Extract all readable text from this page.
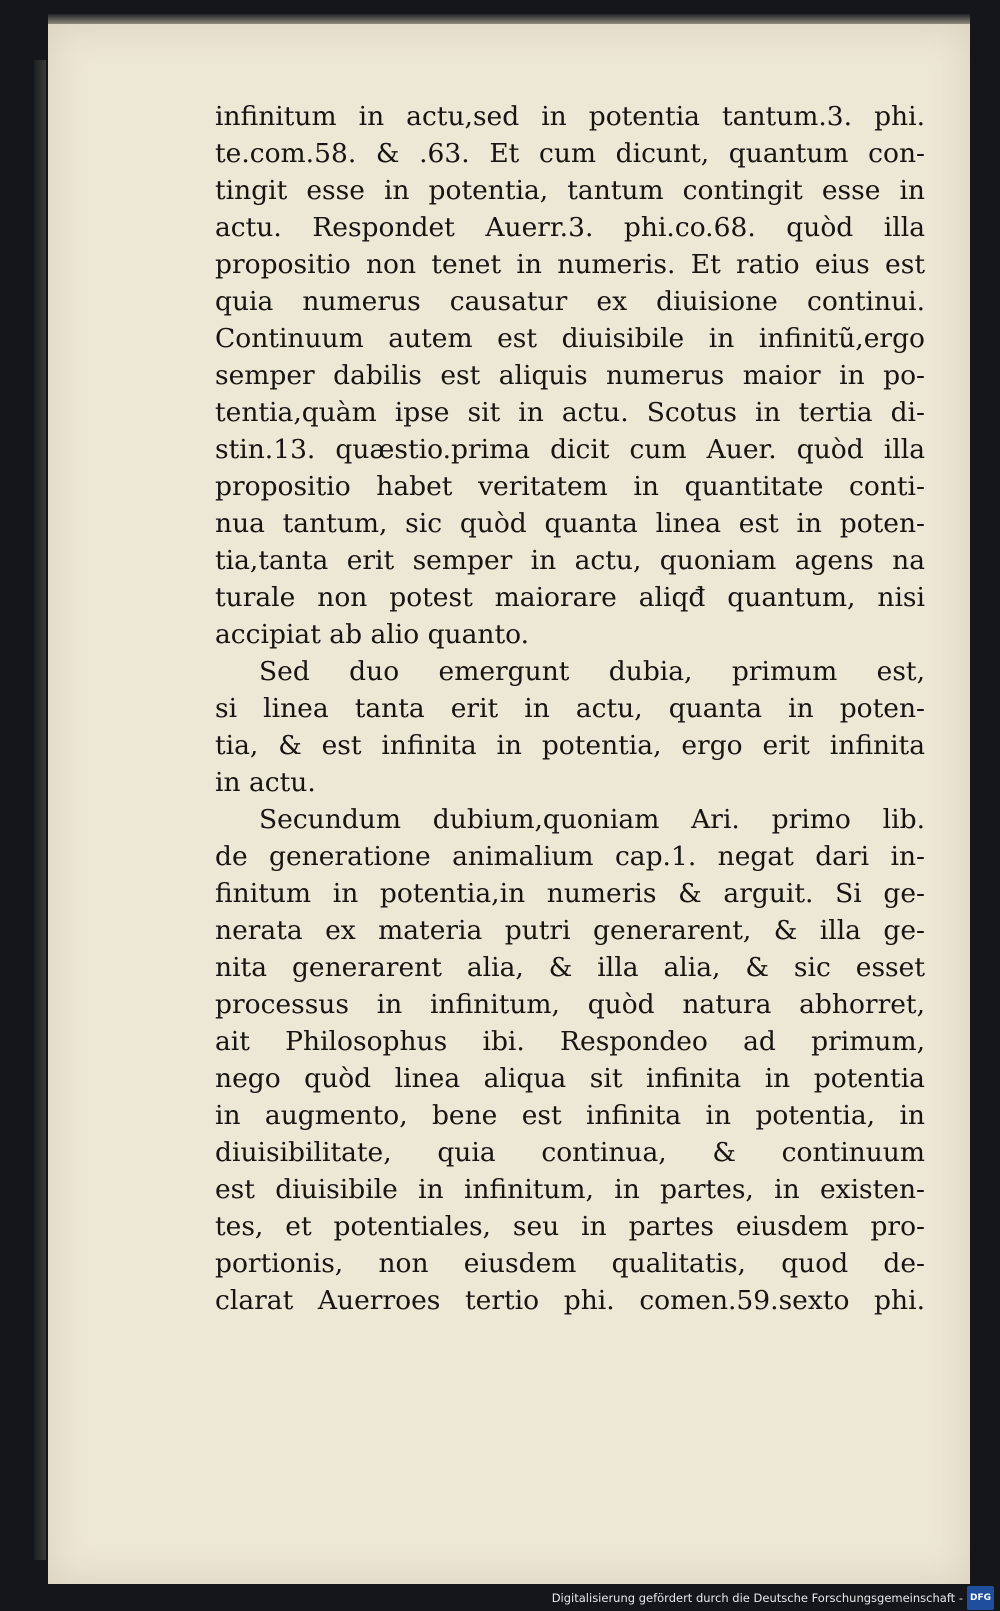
infinitum in actu,sed in potentia tantum.3. phi.
te.com.58. & .63. Et cum dicunt, quantum con-
tingit esse in potentia, tantum contingit esse in
actu. Respondet Auerr.3. phi.co.68. quòd illa
propositio non tenet in numeris. Et ratio eius est
quia numerus causatur ex diuisione continui.
Continuum autem est diuisibile in infinitũ,ergo
semper dabilis est aliquis numerus maior in po-
tentia,quàm ipse sit in actu. Scotus in tertia di-
stin.13. quæstio.prima dicit cum Auer. quòd illa
propositio habet veritatem in quantitate conti-
nua tantum, sic quòd quanta linea est in poten-
tia,tanta erit semper in actu, quoniam agens na
turale non potest maiorare aliqđ quantum, nisi
accipiat ab alio quanto.
Sed duo emergunt dubia, primum est,
si linea tanta erit in actu, quanta in poten-
tia, & est infinita in potentia, ergo erit infinita
in actu.
Secundum dubium,quoniam Ari. primo lib.
de generatione animalium cap.1. negat dari in-
finitum in potentia,in numeris & arguit. Si ge-
nerata ex materia putri generarent, & illa ge-
nita generarent alia, & illa alia, & sic esset
processus in infinitum, quòd natura abhorret,
ait Philosophus ibi. Respondeo ad primum,
nego quòd linea aliqua sit infinita in potentia
in augmento, bene est infinita in potentia, in
diuisibilitate, quia continua, & continuum
est diuisibile in infinitum, in partes, in existen-
tes, et potentiales, seu in partes eiusdem pro-
portionis, non eiusdem qualitatis, quod de-
clarat Auerroes tertio phi. comen.59.sexto phi.
Digitalisierung gefördert durch die Deutsche Forschungsgemeinschaft - DFG
